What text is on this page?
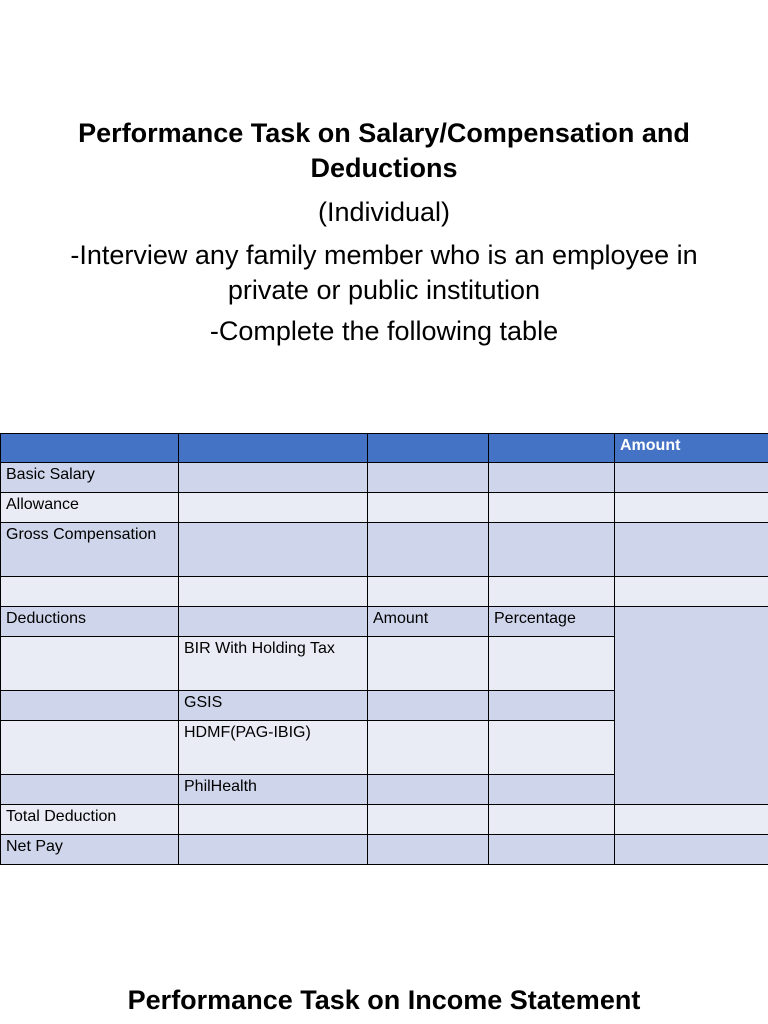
Performance Task on Salary/Compensation and Deductions
(Individual)
-Interview any family member who is an employee in private or public institution
-Complete the following table
				Amount
Basic Salary				
Allowance				
Gross Compensation				

Deductions		Amount	Percentage	
	BIR With Holding Tax			
	GSIS			
	HDMF(PAG-IBIG)			
	PhilHealth			
Total Deduction				
Net Pay				
Performance Task on Income Statement
